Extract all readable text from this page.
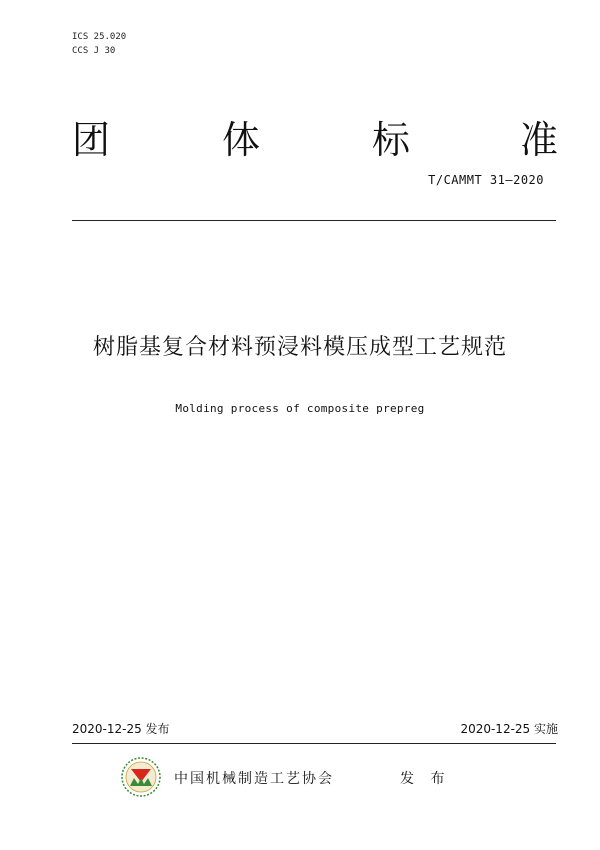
ICS 25.020
CCS J 30
团	体	标	准
T/CAMMT 31—2020
树脂基复合材料预浸料模压成型工艺规范
Molding process of composite prepreg
2020-12-25 发布	2020-12-25 实施
中国机械制造工艺协会	发 布
